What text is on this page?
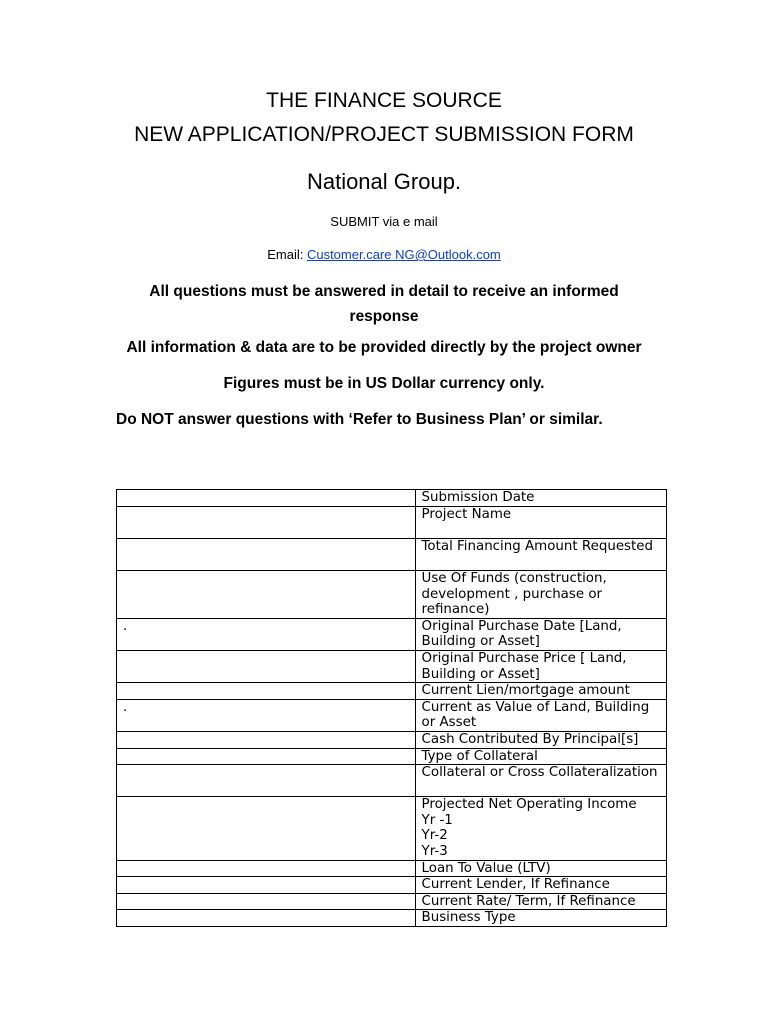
THE FINANCE SOURCE
NEW APPLICATION/PROJECT SUBMISSION FORM
National Group.
SUBMIT via e mail
Email: Customer.care NG@Outlook.com
All questions must be answered in detail to receive an informed response
All information & data are to be provided directly by the project owner
Figures must be in US Dollar currency only.
Do NOT answer questions with ‘Refer to Business Plan’ or similar.
	Submission Date
	Project Name
	Total Financing Amount Requested
	Use Of Funds (construction, development , purchase or refinance)
.	Original Purchase Date [Land, Building or Asset]
	Original Purchase Price [ Land, Building or Asset]
	Current Lien/mortgage amount
.	Current as Value of Land, Building or Asset
	Cash Contributed By Principal[s]
	Type of Collateral
	Collateral or Cross Collateralization

	Projected Net Operating Income
Yr -1
Yr-2
Yr-3

	Loan To Value (LTV)
	Current Lender, If Refinance
	Current Rate/ Term, If Refinance
	Business Type
